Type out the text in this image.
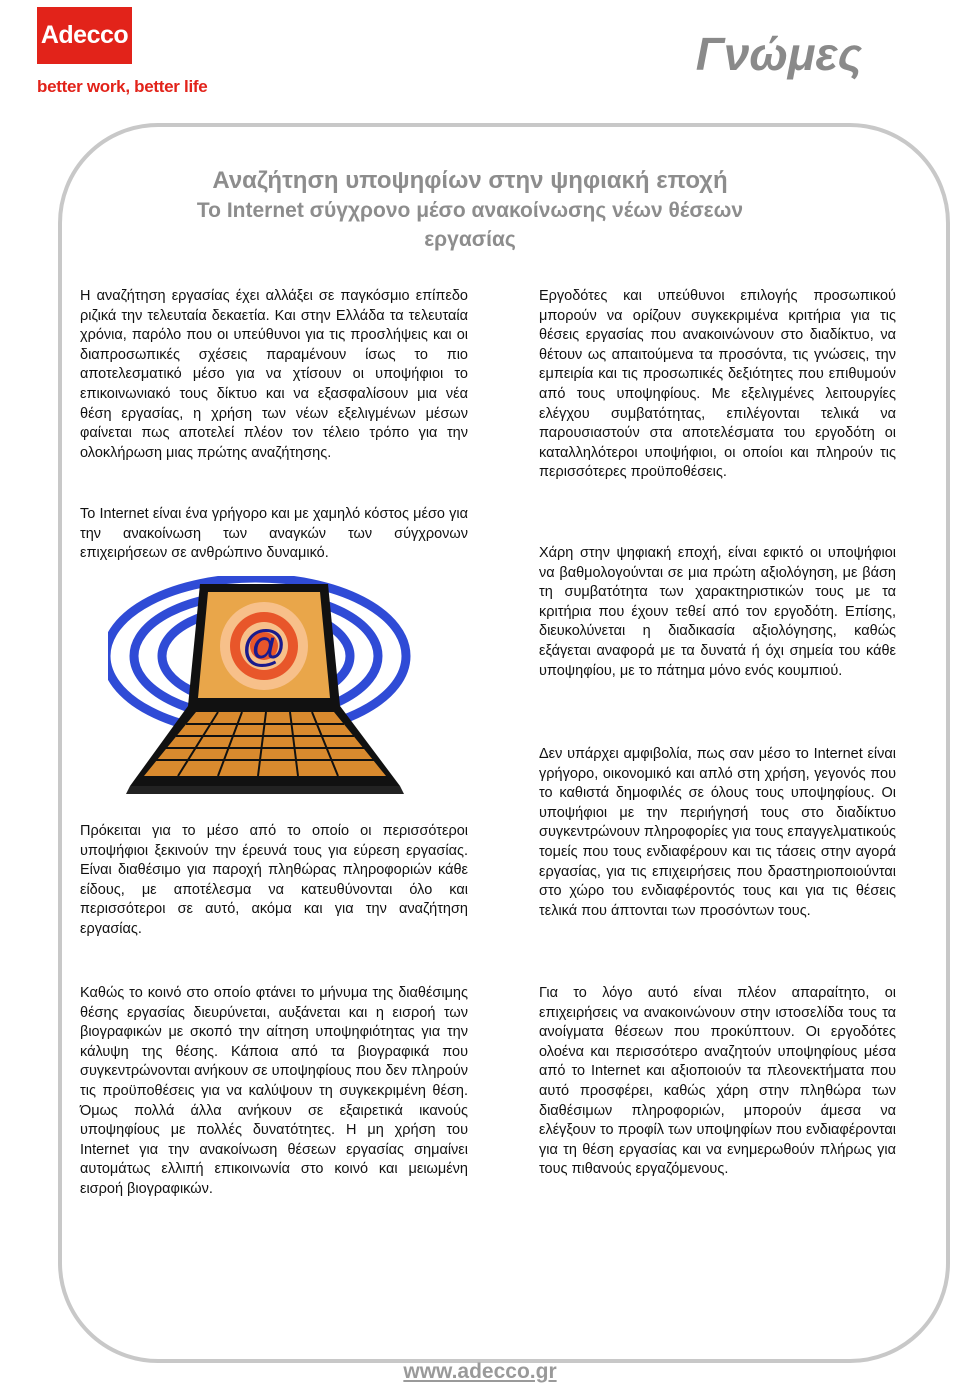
Adecco
better work, better life
Γνώμες
Αναζήτηση υποψηφίων στην ψηφιακή εποχή
Το Internet σύγχρονο μέσο ανακοίνωσης νέων θέσεων
εργασίας
Η αναζήτηση εργασίας έχει αλλάξει σε παγκόσμιο επίπεδο ριζικά την τελευταία δεκαετία. Και στην Ελλάδα τα τελευταία χρόνια, παρόλο που οι υπεύθυνοι για τις προσλήψεις και οι διαπροσωπικές σχέσεις παραμένουν ίσως το πιο αποτελεσματικό μέσο για να χτίσουν οι υποψήφιοι το επικοινωνιακό τους δίκτυο και να εξασφαλίσουν μια νέα θέση εργασίας, η χρήση των νέων εξελιγμένων μέσων φαίνεται πως αποτελεί πλέον τον τέλειο τρόπο για την ολοκλήρωση μιας πρώτης αναζήτησης.
Το Internet είναι ένα γρήγορο και με χαμηλό κόστος μέσο για την ανακοίνωση των αναγκών των σύγχρονων επιχειρήσεων σε ανθρώπινο δυναμικό.
@
Πρόκειται για το μέσο από το οποίο οι περισσότεροι υποψήφιοι ξεκινούν την έρευνά τους για εύρεση εργασίας. Είναι διαθέσιμο για παροχή πληθώρας πληροφοριών κάθε είδους, με αποτέλεσμα να κατευθύνονται όλο και περισσότεροι σε αυτό, ακόμα και για την αναζήτηση εργασίας.
Καθώς το κοινό στο οποίο φτάνει το μήνυμα της διαθέσιμης θέσης εργασίας διευρύνεται, αυξάνεται και η εισροή των βιογραφικών με σκοπό την αίτηση υποψηφιότητας για την κάλυψη της θέσης. Κάποια από τα βιογραφικά που συγκεντρώνονται ανήκουν σε υποψηφίους που δεν πληρούν τις προϋποθέσεις για να καλύψουν τη συγκεκριμένη θέση. Όμως πολλά άλλα ανήκουν σε εξαιρετικά ικανούς υποψηφίους με πολλές δυνατότητες. Η μη χρήση του Internet για την ανακοίνωση θέσεων εργασίας σημαίνει αυτομάτως ελλιπή επικοινωνία στο κοινό και μειωμένη εισροή βιογραφικών.
Εργοδότες και υπεύθυνοι επιλογής προσωπικού μπορούν να ορίζουν συγκεκριμένα κριτήρια για τις θέσεις εργασίας που ανακοινώνουν στο διαδίκτυο, να θέτουν ως απαιτούμενα τα προσόντα, τις γνώσεις, την εμπειρία και τις προσωπικές δεξιότητες που επιθυμούν από τους υποψηφίους. Με εξελιγμένες λειτουργίες ελέγχου συμβατότητας, επιλέγονται τελικά να παρουσιαστούν στα αποτελέσματα του εργοδότη οι καταλληλότεροι υποψήφιοι, οι οποίοι και πληρούν τις περισσότερες προϋποθέσεις.
Χάρη στην ψηφιακή εποχή, είναι εφικτό οι υποψήφιοι να βαθμολογούνται σε μια πρώτη αξιολόγηση, με βάση τη συμβατότητα των χαρακτηριστικών τους με τα κριτήρια που έχουν τεθεί από τον εργοδότη. Επίσης, διευκολύνεται η διαδικασία αξιολόγησης, καθώς εξάγεται αναφορά με τα δυνατά ή όχι σημεία του κάθε υποψηφίου, με το πάτημα μόνο ενός κουμπιού.
Δεν υπάρχει αμφιβολία, πως σαν μέσο το Internet είναι γρήγορο, οικονομικό και απλό στη χρήση, γεγονός που το καθιστά δημοφιλές σε όλους τους υποψηφίους. Οι υποψήφιοι με την περιήγησή τους στο διαδίκτυο συγκεντρώνουν πληροφορίες για τους επαγγελματικούς τομείς που τους ενδιαφέρουν και τις τάσεις στην αγορά εργασίας, για τις επιχειρήσεις που δραστηριοποιούνται στο χώρο του ενδιαφέροντός τους και για τις θέσεις τελικά που άπτονται των προσόντων τους.
Για το λόγο αυτό είναι πλέον απαραίτητο, οι επιχειρήσεις να ανακοινώνουν στην ιστοσελίδα τους τα ανοίγματα θέσεων που προκύπτουν. Οι εργοδότες ολοένα και περισσότερο αναζητούν υποψηφίους μέσα από το Internet και αξιοποιούν τα πλεονεκτήματα που αυτό προσφέρει, καθώς χάρη στην πληθώρα των διαθέσιμων πληροφοριών, μπορούν άμεσα να ελέγξουν το προφίλ των υποψηφίων που ενδιαφέρονται για τη θέση εργασίας και να ενημερωθούν πλήρως για τους πιθανούς εργαζόμενους.
www.adecco.gr
